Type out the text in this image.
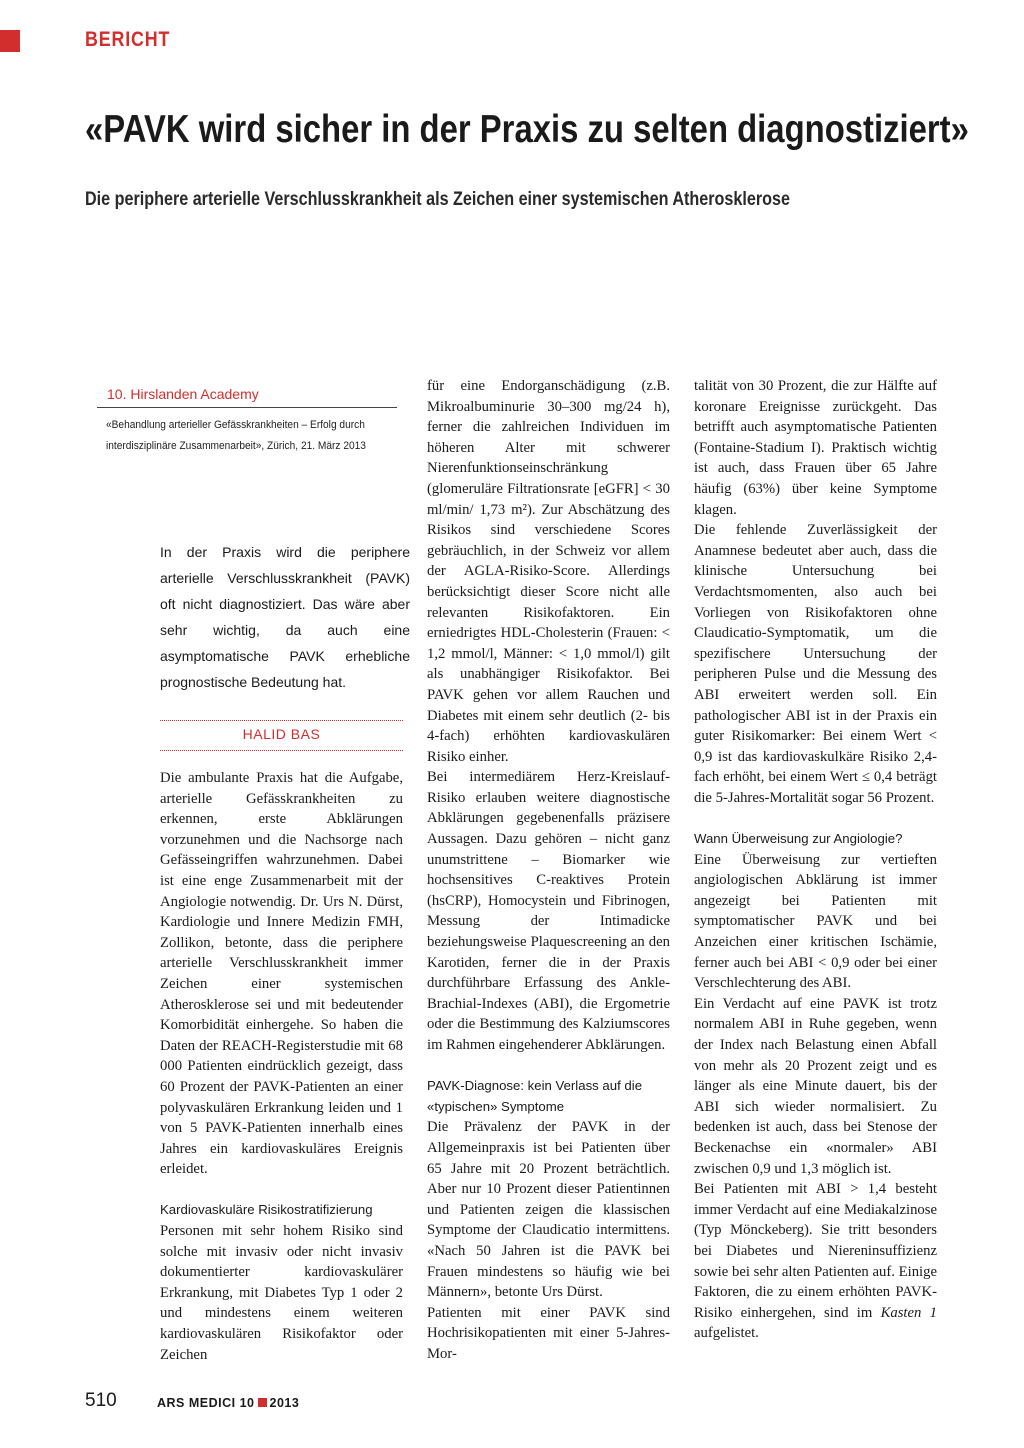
BERICHT
«PAVK wird sicher in der Praxis zu selten diagnostiziert»
Die periphere arterielle Verschlusskrankheit als Zeichen einer systemischen Atherosklerose
10. Hirslanden Academy
«Behandlung arterieller Gefässkrankheiten – Erfolg durch interdisziplinäre Zusammenarbeit», Zürich, 21. März 2013
In der Praxis wird die periphere arterielle Verschlusskrankheit (PAVK) oft nicht diagnostiziert. Das wäre aber sehr wichtig, da auch eine asymptomatische PAVK erhebliche prognostische Bedeutung hat.
HALID BAS

Die ambulante Praxis hat die Aufgabe, arterielle Gefässkrankheiten zu erkennen, erste Abklärungen vorzunehmen und die Nachsorge nach Gefässeingriffen wahrzunehmen. Dabei ist eine enge Zusammenarbeit mit der Angiologie notwendig. Dr. Urs N. Dürst, Kardiologie und Innere Medizin FMH, Zollikon, betonte, dass die periphere arterielle Verschlusskrankheit immer Zeichen einer systemischen Atherosklerose sei und mit bedeutender Komorbidität einhergehe. So haben die Daten der REACH-Registerstudie mit 68 000 Patienten eindrücklich gezeigt, dass 60 Prozent der PAVK-Patienten an einer polyvaskulären Erkrankung leiden und 1 von 5 PAVK-Patienten innerhalb eines Jahres ein kardiovaskuläres Ereignis erleidet.

Kardiovaskuläre Risikostratifizierung

Personen mit sehr hohem Risiko sind solche mit invasiv oder nicht invasiv dokumentierter kardiovaskulärer Erkrankung, mit Diabetes Typ 1 oder 2 und mindestens einem weiteren kardiovaskulären Risikofaktor oder Zeichen

für eine Endorganschädigung (z.B. Mikroalbuminurie 30–300 mg/24 h), ferner die zahlreichen Individuen im höheren Alter mit schwerer Nierenfunktionseinschränkung (glomeruläre Filtrationsrate [eGFR] < 30 ml/min/ 1,73 m²). Zur Abschätzung des Risikos sind verschiedene Scores gebräuchlich, in der Schweiz vor allem der AGLA-Risiko-Score. Allerdings berücksichtigt dieser Score nicht alle relevanten Risikofaktoren. Ein erniedrigtes HDL-Cholesterin (Frauen: < 1,2 mmol/l, Männer: < 1,0 mmol/l) gilt als unabhängiger Risikofaktor. Bei PAVK gehen vor allem Rauchen und Diabetes mit einem sehr deutlich (2- bis 4-fach) erhöhten kardiovaskulären Risiko einher.

Bei intermediärem Herz-Kreislauf-Risiko erlauben weitere diagnostische Abklärungen gegebenenfalls präzisere Aussagen. Dazu gehören – nicht ganz unumstrittene – Biomarker wie hochsensitives C-reaktives Protein (hsCRP), Homocystein und Fibrinogen, Messung der Intimadicke beziehungsweise Plaquescreening an den Karotiden, ferner die in der Praxis durchführbare Erfassung des Ankle-Brachial-Indexes (ABI), die Ergometrie oder die Bestimmung des Kalziumscores im Rahmen eingehenderer Abklärungen.

PAVK-Diagnose: kein Verlass auf die «typischen» Symptome

Die Prävalenz der PAVK in der Allgemeinpraxis ist bei Patienten über 65 Jahre mit 20 Prozent beträchtlich. Aber nur 10 Prozent dieser Patientinnen und Patienten zeigen die klassischen Symptome der Claudicatio intermittens. «Nach 50 Jahren ist die PAVK bei Frauen mindestens so häufig wie bei Männern», betonte Urs Dürst.

Patienten mit einer PAVK sind Hochrisikopatienten mit einer 5-Jahres-Mor-

talität von 30 Prozent, die zur Hälfte auf koronare Ereignisse zurückgeht. Das betrifft auch asymptomatische Patienten (Fontaine-Stadium I). Praktisch wichtig ist auch, dass Frauen über 65 Jahre häufig (63%) über keine Symptome klagen.

Die fehlende Zuverlässigkeit der Anamnese bedeutet aber auch, dass die klinische Untersuchung bei Verdachtsmomenten, also auch bei Vorliegen von Risikofaktoren ohne Claudicatio-Symptomatik, um die spezifischere Untersuchung der peripheren Pulse und die Messung des ABI erweitert werden soll. Ein pathologischer ABI ist in der Praxis ein guter Risikomarker: Bei einem Wert < 0,9 ist das kardiovaskulkäre Risiko 2,4-fach erhöht, bei einem Wert ≤ 0,4 beträgt die 5-Jahres-Mortalität sogar 56 Prozent.

Wann Überweisung zur Angiologie?

Eine Überweisung zur vertieften angiologischen Abklärung ist immer angezeigt bei Patienten mit symptomatischer PAVK und bei Anzeichen einer kritischen Ischämie, ferner auch bei ABI < 0,9 oder bei einer Verschlechterung des ABI.

Ein Verdacht auf eine PAVK ist trotz normalem ABI in Ruhe gegeben, wenn der Index nach Belastung einen Abfall von mehr als 20 Prozent zeigt und es länger als eine Minute dauert, bis der ABI sich wieder normalisiert. Zu bedenken ist auch, dass bei Stenose der Beckenachse ein «normaler» ABI zwischen 0,9 und 1,3 möglich ist.

Bei Patienten mit ABI > 1,4 besteht immer Verdacht auf eine Mediakalzinose (Typ Mönckeberg). Sie tritt besonders bei Diabetes und Niereninsuffizienz sowie bei sehr alten Patienten auf. Einige Faktoren, die zu einem erhöhten PAVK-Risiko einhergehen, sind im Kasten 1 aufgelistet.

510	ARS MEDICI 10 2013
